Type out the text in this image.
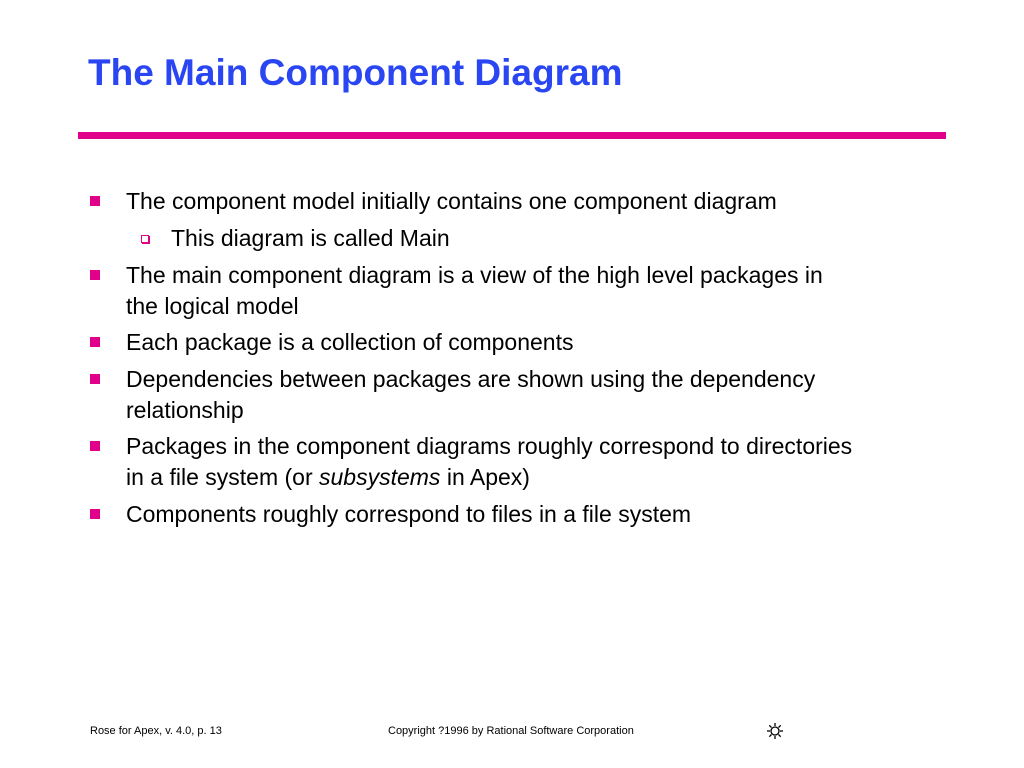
The Main Component Diagram
The component model initially contains one component diagram
This diagram is called Main
The main component diagram is a view of the high level packages in
the logical model
Each package is a collection of components
Dependencies between packages are shown using the dependency
relationship
Packages in the component diagrams roughly correspond to directories
in a file system (or subsystems in Apex)
Components roughly correspond to files in a file system
Rose for Apex, v. 4.0, p. 13	Copyright ?1996 by Rational Software Corporation
